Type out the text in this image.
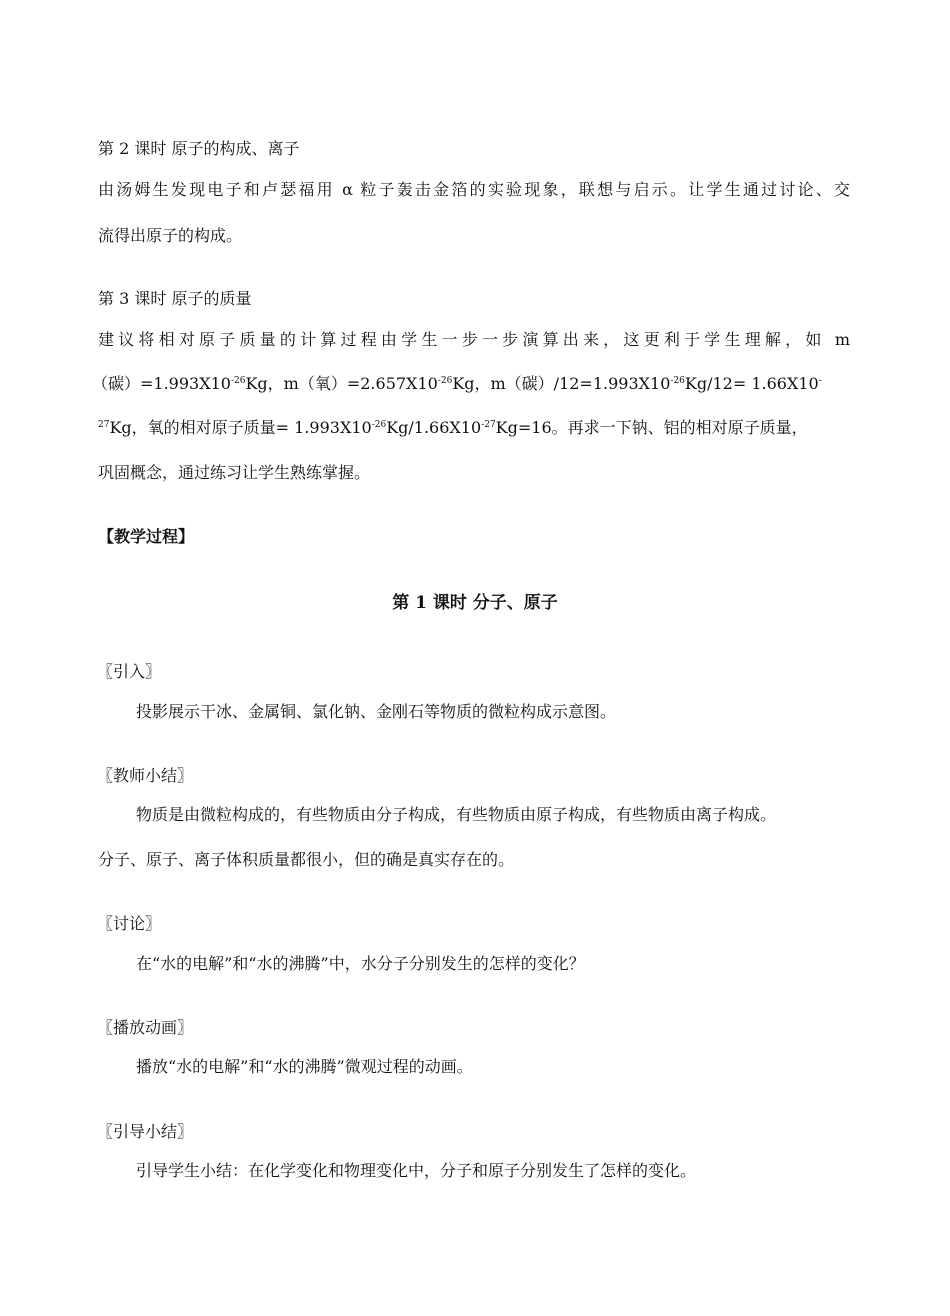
第 2 课时 原子的构成、离子
由汤姆生发现电子和卢瑟福用 α 粒子轰击金箔的实验现象，联想与启示。让学生通过讨论、交
流得出原子的构成。
第 3 课时 原子的质量
建议将相对原子质量的计算过程由学生一步一步演算出来，这更利于学生理解，如 m
（碳）$=1.993X10^{-26}Kg$，m（氧）$=2.657X10^{-26}Kg$，m（碳）$/12=1.993X10^{-26}Kg/12= 1.66X10^-$
$^{27}$Kg，氧的相对原子质量= $1.993X10^{-26}Kg/1.66X10^{-27}Kg=16$。再求一下钠、铝的相对原子质量，
巩固概念，通过练习让学生熟练掌握。
【教学过程】
第 1 课时 分子、原子
〖引入〗
投影展示干冰、金属铜、氯化钠、金刚石等物质的微粒构成示意图。
〖教师小结〗
物质是由微粒构成的，有些物质由分子构成，有些物质由原子构成，有些物质由离子构成。
分子、原子、离子体积质量都很小，但的确是真实存在的。
〖讨论〗
在“水的电解”和“水的沸腾”中，水分子分别发生的怎样的变化？
〖播放动画〗
播放“水的电解”和“水的沸腾”微观过程的动画。
〖引导小结〗
引导学生小结：在化学变化和物理变化中，分子和原子分别发生了怎样的变化。
